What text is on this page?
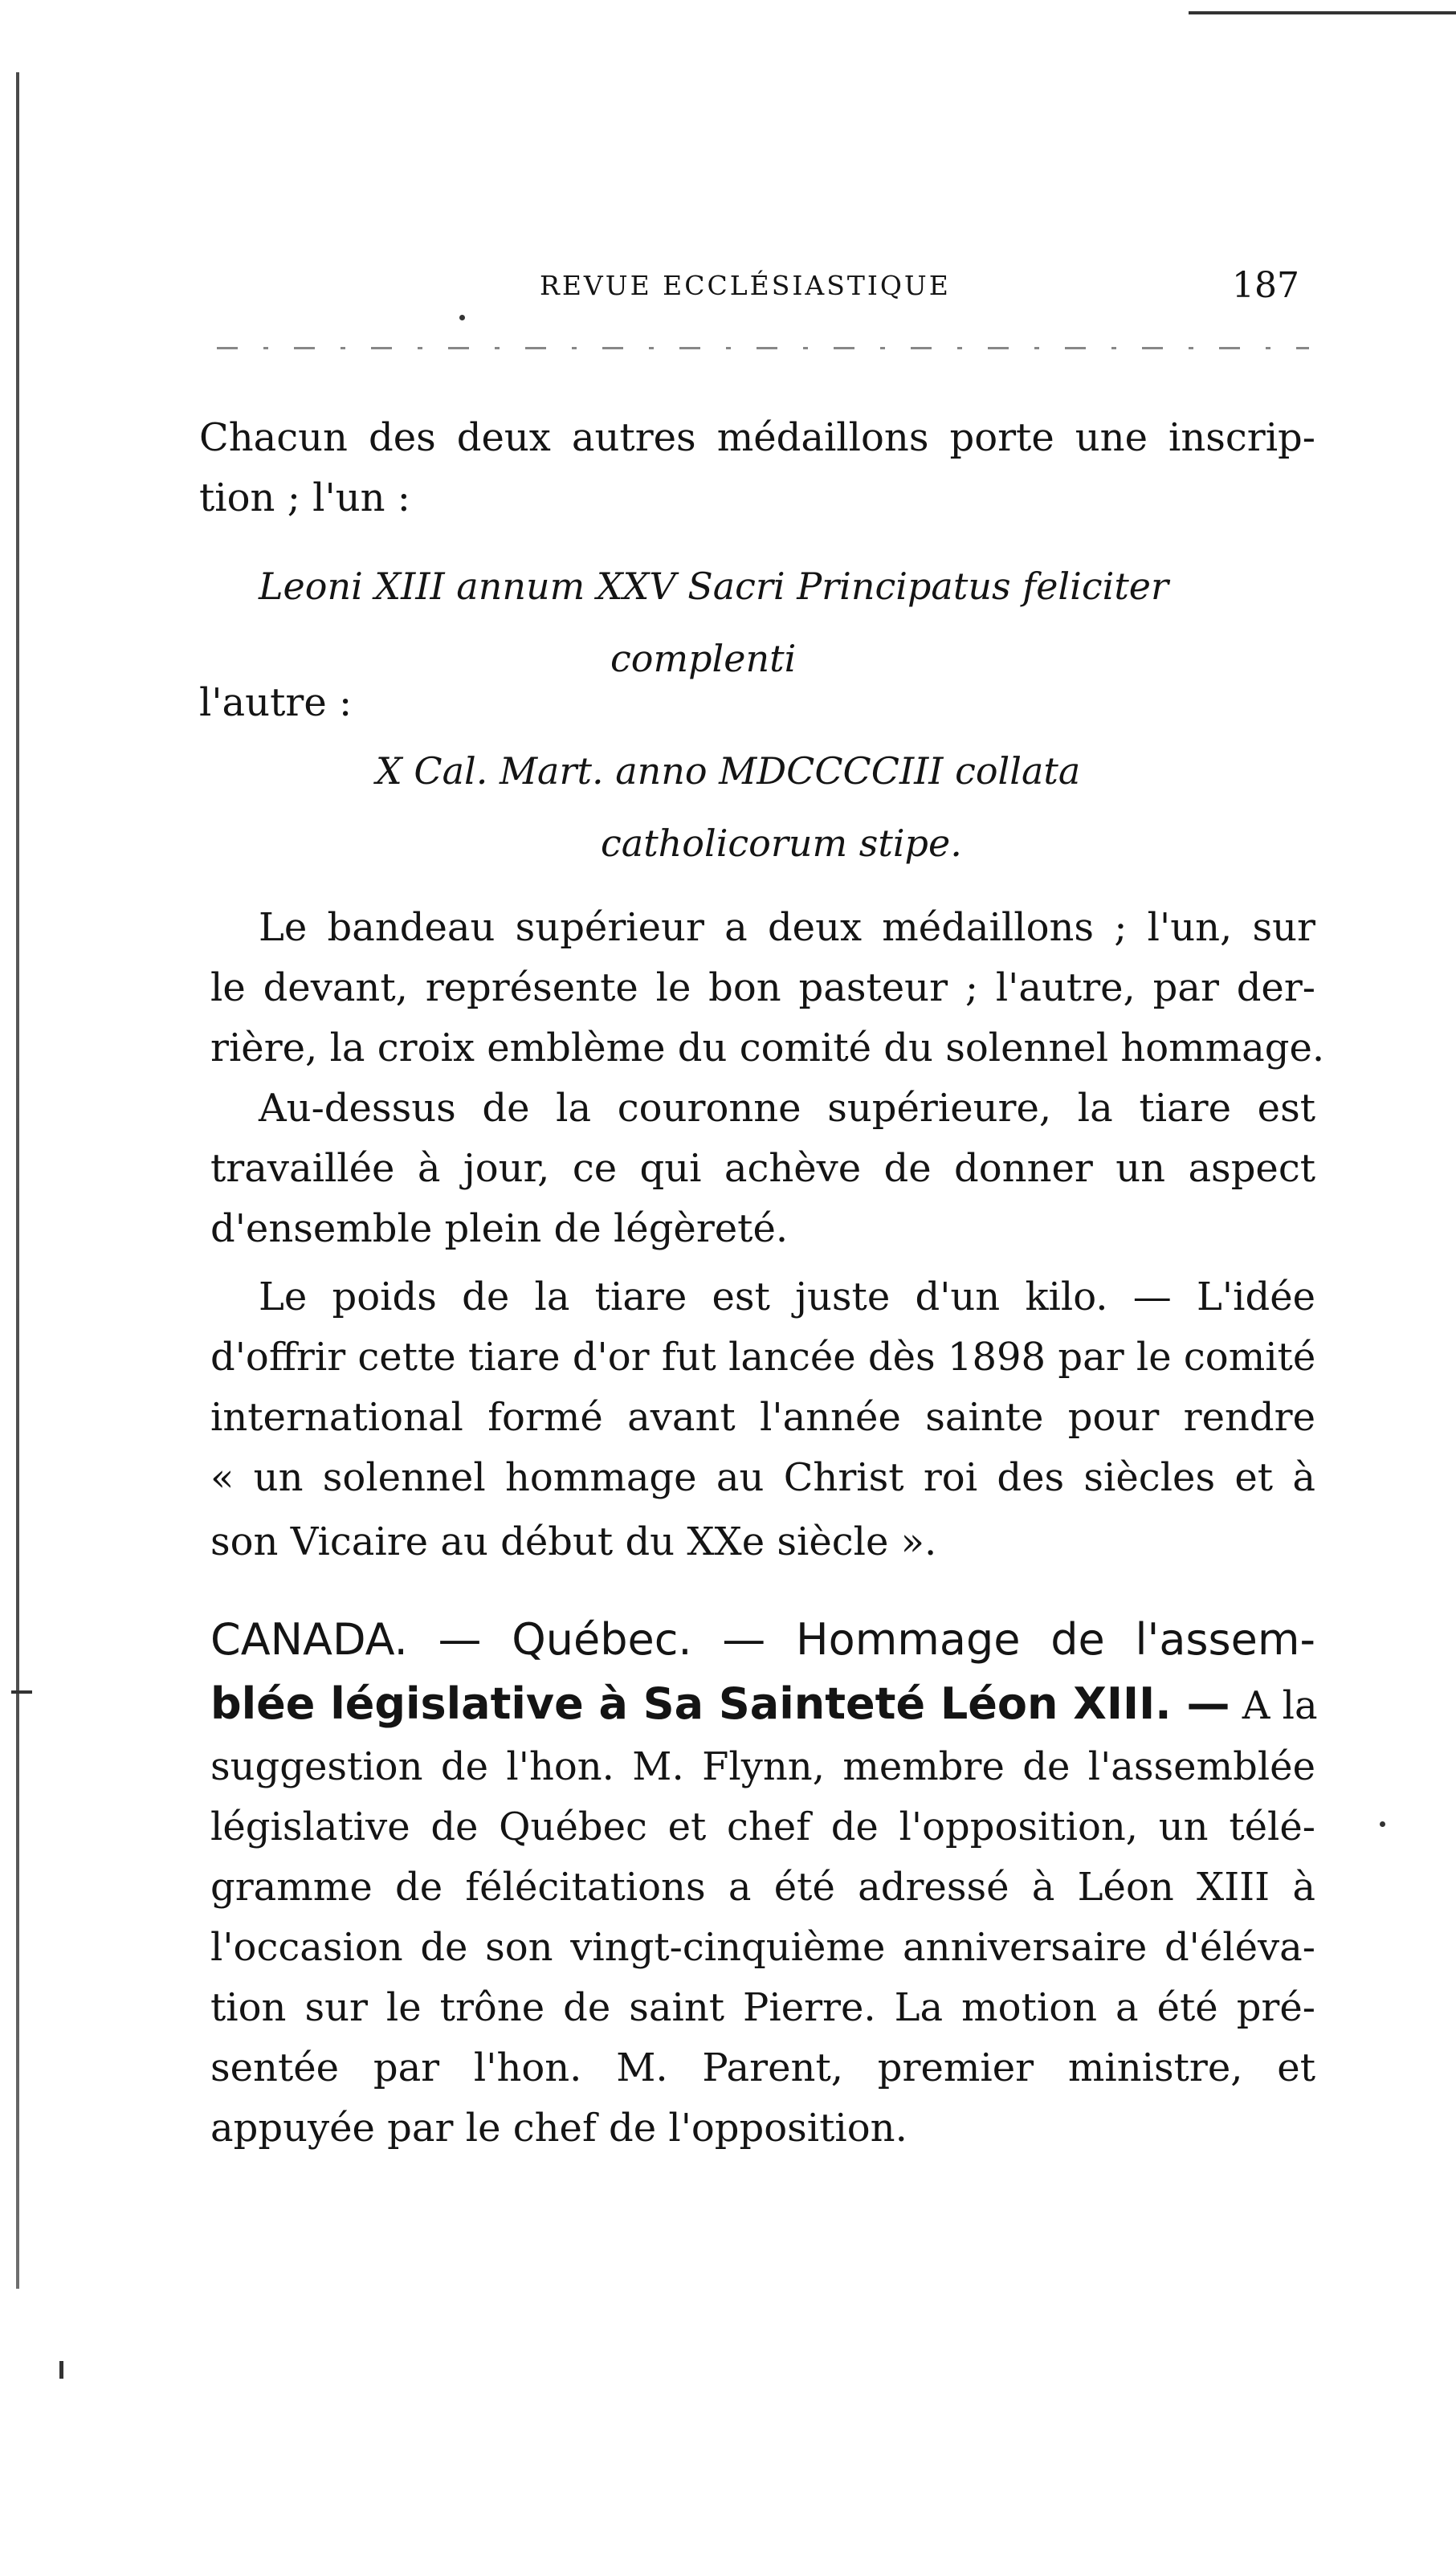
REVUE ECCLÉSIASTIQUE	187
Chacun des deux autres médaillons porte une inscrip-
tion ; l'un :
Leoni XIII annum XXV Sacri Principatus feliciter
complenti
l'autre :
X Cal. Mart. anno MDCCCCIII collata
catholicorum stipe.
Le bandeau supérieur a deux médaillons ; l'un, sur
le devant, représente le bon pasteur ; l'autre, par der-
rière, la croix emblème du comité du solennel hommage.
Au-dessus de la couronne supérieure, la tiare est
travaillée à jour, ce qui achève de donner un aspect
d'ensemble plein de légèreté.
Le poids de la tiare est juste d'un kilo. — L'idée
d'offrir cette tiare d'or fut lancée dès 1898 par le comité
international formé avant l'année sainte pour rendre
« un solennel hommage au Christ roi des siècles et à
son Vicaire au début du XXe siècle ».
CANADA. — Québec. — Hommage de l'assem-
blée législative à Sa Sainteté Léon XIII. — A la
suggestion de l'hon. M. Flynn, membre de l'assemblée
législative de Québec et chef de l'opposition, un télé-
gramme de félécitations a été adressé à Léon XIII à
l'occasion de son vingt-cinquième anniversaire d'éléva-
tion sur le trône de saint Pierre. La motion a été pré-
sentée par l'hon. M. Parent, premier ministre, et
appuyée par le chef de l'opposition.
